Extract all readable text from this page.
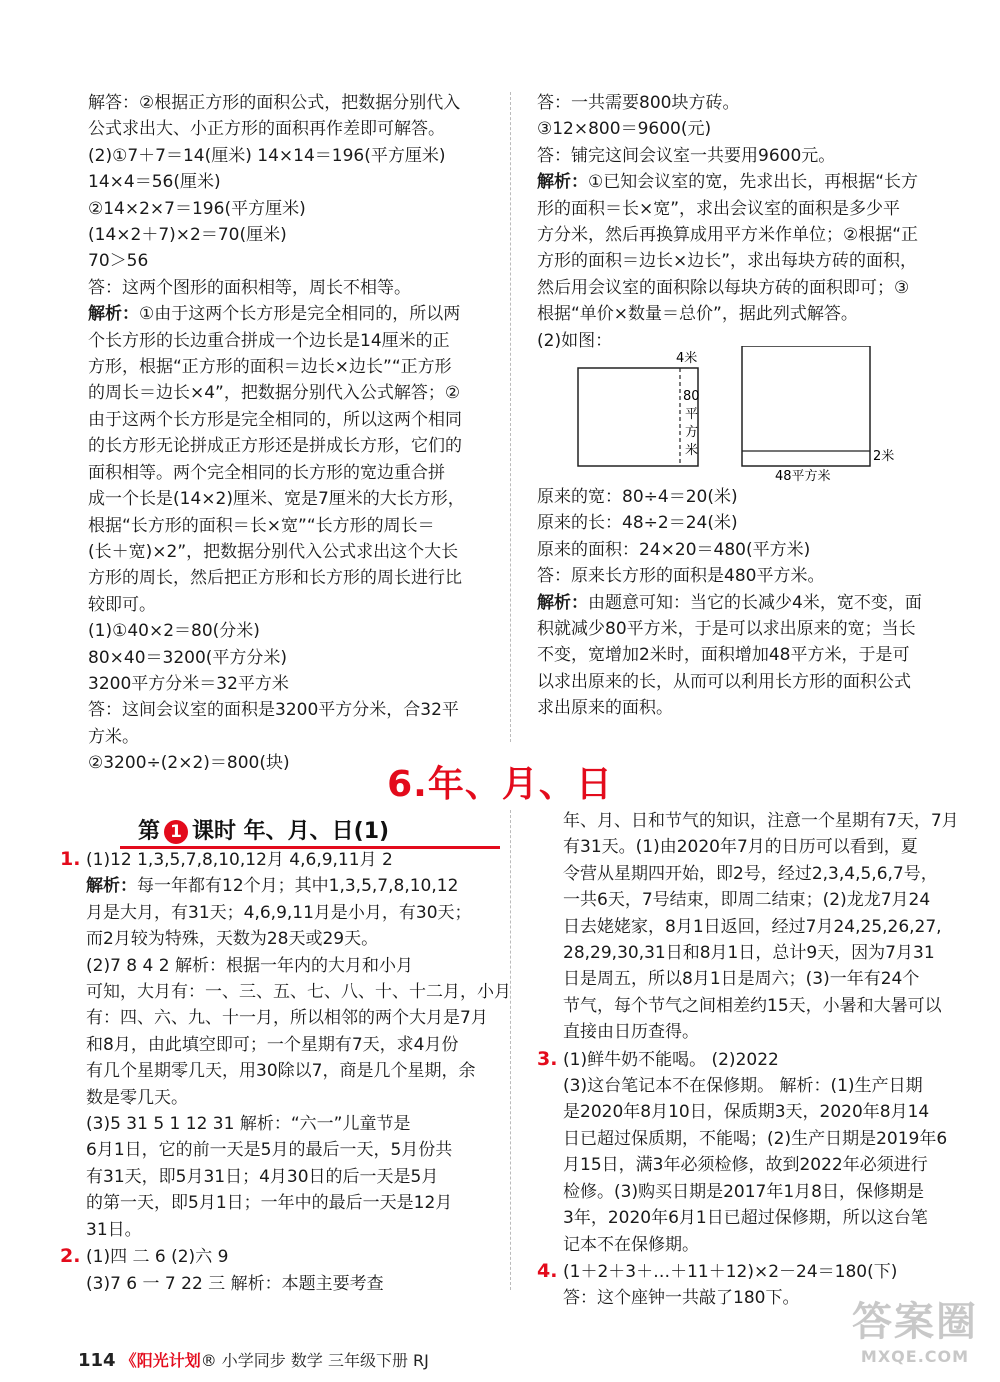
解答：②根据正方形的面积公式，把数据分别代入

公式求出大、小正方形的面积再作差即可解答。

(2)①7＋7＝14(厘米) 14×14＝196(平方厘米)

14×4＝56(厘米)

②14×2×7＝196(平方厘米)

(14×2＋7)×2＝70(厘米)

70＞56

答：这两个图形的面积相等，周长不相等。

解析：①由于这两个长方形是完全相同的，所以两

个长方形的长边重合拼成一个边长是14厘米的正

方形，根据“正方形的面积＝边长×边长”“正方形

的周长＝边长×4”，把数据分别代入公式解答；②

由于这两个长方形是完全相同的，所以这两个相同

的长方形无论拼成正方形还是拼成长方形，它们的

面积相等。两个完全相同的长方形的宽边重合拼

成一个长是(14×2)厘米、宽是7厘米的大长方形，

根据“长方形的面积＝长×宽”“长方形的周长＝

(长＋宽)×2”，把数据分别代入公式求出这个大长

方形的周长，然后把正方形和长方形的周长进行比

较即可。

(1)①40×2＝80(分米)

80×40＝3200(平方分米)

3200平方分米＝32平方米

答：这间会议室的面积是3200平方分米，合32平

方米。

②3200÷(2×2)＝800(块)

答：一共需要800块方砖。

③12×800＝9600(元)

答：铺完这间会议室一共要用9600元。

解析：①已知会议室的宽，先求出长，再根据“长方

形的面积＝长×宽”，求出会议室的面积是多少平

方分米，然后再换算成用平方米作单位；②根据“正

方形的面积＝边长×边长”，求出每块方砖的面积，

然后用会议室的面积除以每块方砖的面积即可；③

根据“单价×数量＝总价”，据此列式解答。

(2)如图：

4米
80
平
方
米	2米
48平方米

原来的宽：80÷4＝20(米)

原来的长：48÷2＝24(米)

原来的面积：24×20＝480(平方米)

答：原来长方形的面积是480平方米。

解析：由题意可知：当它的长减少4米，宽不变，面

积就减少80平方米，于是可以求出原来的宽；当长

不变，宽增加2米时，面积增加48平方米，于是可

以求出原来的长，从而可以利用长方形的面积公式

求出原来的面积。

6.年、月、日
第 1 课时 年、月、日(1)

1. (1)12 1,3,5,7,8,10,12月 4,6,9,11月 2

解析：每一年都有12个月；其中1,3,5,7,8,10,12

月是大月，有31天；4,6,9,11月是小月，有30天；

而2月较为特殊，天数为28天或29天。

(2)7 8 4 2 解析：根据一年内的大月和小月

可知，大月有：一、三、五、七、八、十、十二月，小月

有：四、六、九、十一月，所以相邻的两个大月是7月

和8月，由此填空即可；一个星期有7天，求4月份

有几个星期零几天，用30除以7，商是几个星期，余

数是零几天。

(3)5 31 5 1 12 31 解析：“六一”儿童节是

6月1日，它的前一天是5月的最后一天，5月份共

有31天，即5月31日；4月30日的后一天是5月

的第一天，即5月1日；一年中的最后一天是12月

31日。

2. (1)四 二 6 (2)六 9

(3)7 6 一 7 22 三 解析：本题主要考查

年、月、日和节气的知识，注意一个星期有7天，7月

有31天。(1)由2020年7月的日历可以看到，夏

令营从星期四开始，即2号，经过2,3,4,5,6,7号，

一共6天，7号结束，即周二结束；(2)龙龙7月24

日去姥姥家，8月1日返回，经过7月24,25,26,27,

28,29,30,31日和8月1日，总计9天，因为7月31

日是周五，所以8月1日是周六；(3)一年有24个

节气，每个节气之间相差约15天，小暑和大暑可以

直接由日历查得。

3. (1)鲜牛奶不能喝。 (2)2022

(3)这台笔记本不在保修期。 解析：(1)生产日期

是2020年8月10日，保质期3天，2020年8月14

日已超过保质期，不能喝；(2)生产日期是2019年6

月15日，满3年必须检修，故到2022年必须进行

检修。(3)购买日期是2017年1月8日，保修期是

3年，2020年6月1日已超过保修期，所以这台笔

记本不在保修期。

4. (1＋2＋3＋…＋11＋12)×2－24＝180(下)

答：这个座钟一共敲了180下。

114 《阳光计划® 小学同步 数学 三年级下册 RJ
答案圈
MXQE.COM
